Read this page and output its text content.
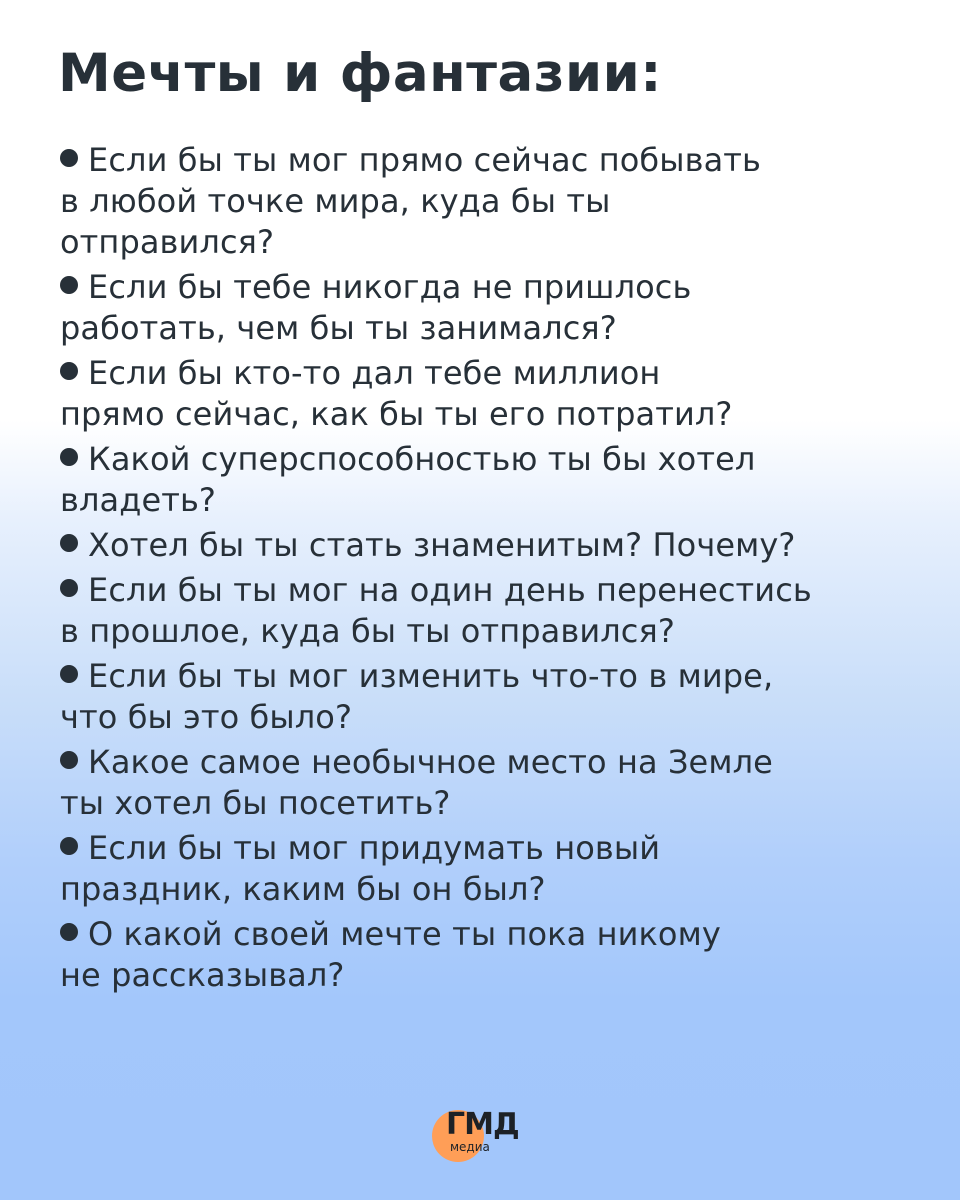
Мечты и фантазии:
Если бы ты мог прямо сейчас побывать
в любой точке мира, куда бы ты
отправился?
Если бы тебе никогда не пришлось
работать, чем бы ты занимался?
Если бы кто-то дал тебе миллион
прямо сейчас, как бы ты его потратил?
Какой суперспособностью ты бы хотел
владеть?
Хотел бы ты стать знаменитым? Почему?
Если бы ты мог на один день перенестись
в прошлое, куда бы ты отправился?
Если бы ты мог изменить что-то в мире,
что бы это было?
Какое самое необычное место на Земле
ты хотел бы посетить?
Если бы ты мог придумать новый
праздник, каким бы он был?
О какой своей мечте ты пока никому
не рассказывал?
ГМД
медиа
